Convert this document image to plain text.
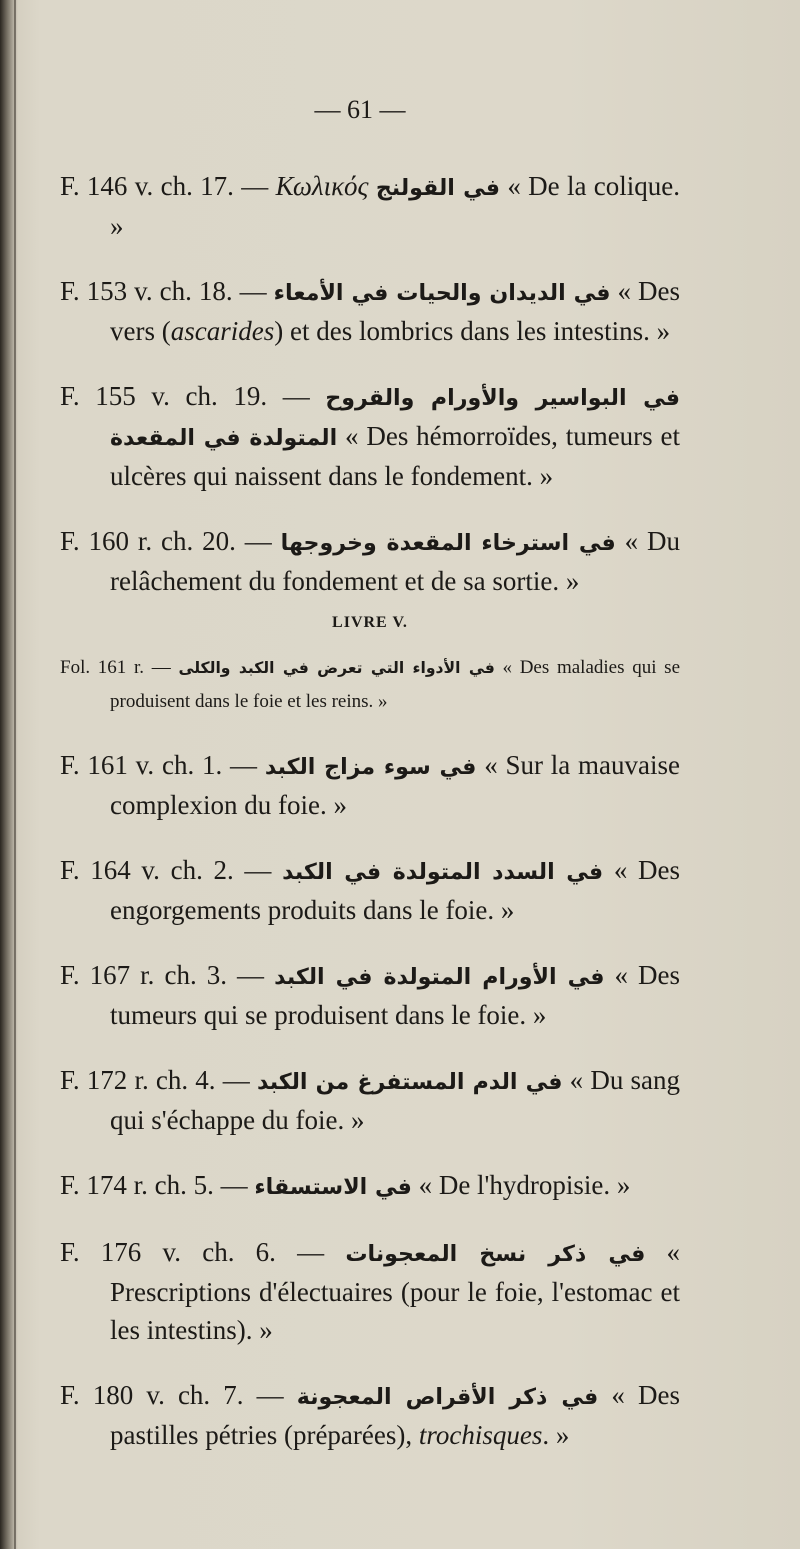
— 61 —

F. 146 v. ch. 17. — Κωλικός في القولنج « De la colique. »

F. 153 v. ch. 18. — في الديدان والحيات في الأمعاء « Des vers (ascarides) et des lombrics dans les intestins. »

F. 155 v. ch. 19. — في البواسير والأورام والقروح المتولدة في المقعدة « Des hémorroïdes, tumeurs et ulcères qui naissent dans le fondement. »

F. 160 r. ch. 20. — في استرخاء المقعدة وخروجها « Du relâchement du fondement et de sa sortie. »

LIVRE V.

Fol. 161 r. — في الأدواء التي تعرض في الكبد والكلى « Des maladies qui se produisent dans le foie et les reins. »

F. 161 v. ch. 1. — في سوء مزاج الكبد « Sur la mauvaise complexion du foie. »

F. 164 v. ch. 2. — في السدد المتولدة في الكبد « Des engorgements produits dans le foie. »

F. 167 r. ch. 3. — في الأورام المتولدة في الكبد « Des tumeurs qui se produisent dans le foie. »

F. 172 r. ch. 4. — في الدم المستفرغ من الكبد « Du sang qui s'échappe du foie. »

F. 174 r. ch. 5. — في الاستسقاء « De l'hydropisie. »

F. 176 v. ch. 6. — في ذكر نسخ المعجونات « Prescriptions d'électuaires (pour le foie, l'estomac et les intestins). »

F. 180 v. ch. 7. — في ذكر الأقراص المعجونة « Des pastilles pétries (préparées), trochisques. »
